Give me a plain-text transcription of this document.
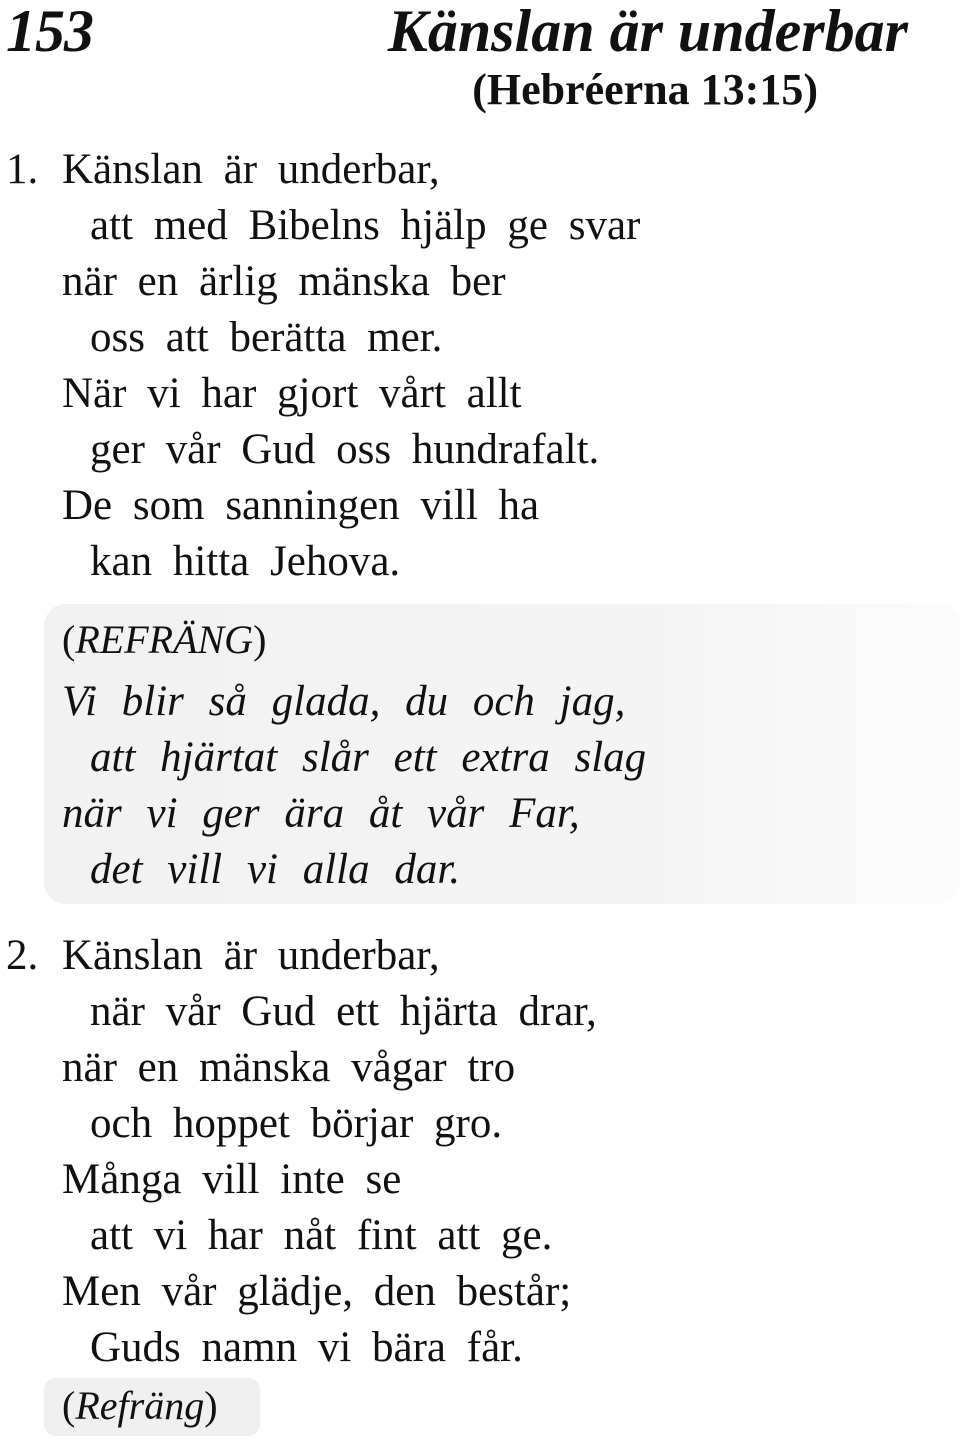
153	Känslan är underbar
(Hebréerna 13:15)
1. Känslan är underbar,
att med Bibelns hjälp ge svar
när en ärlig mänska ber
oss att berätta mer.
När vi har gjort vårt allt
ger vår Gud oss hundrafalt.
De som sanningen vill ha
kan hitta Jehova.
(REFRÄNG)
Vi blir så glada, du och jag,
att hjärtat slår ett extra slag
när vi ger ära åt vår Far,
det vill vi alla dar.
2. Känslan är underbar,
när vår Gud ett hjärta drar,
när en mänska vågar tro
och hoppet börjar gro.
Många vill inte se
att vi har nåt fint att ge.
Men vår glädje, den består;
Guds namn vi bära får.
(Refräng)
